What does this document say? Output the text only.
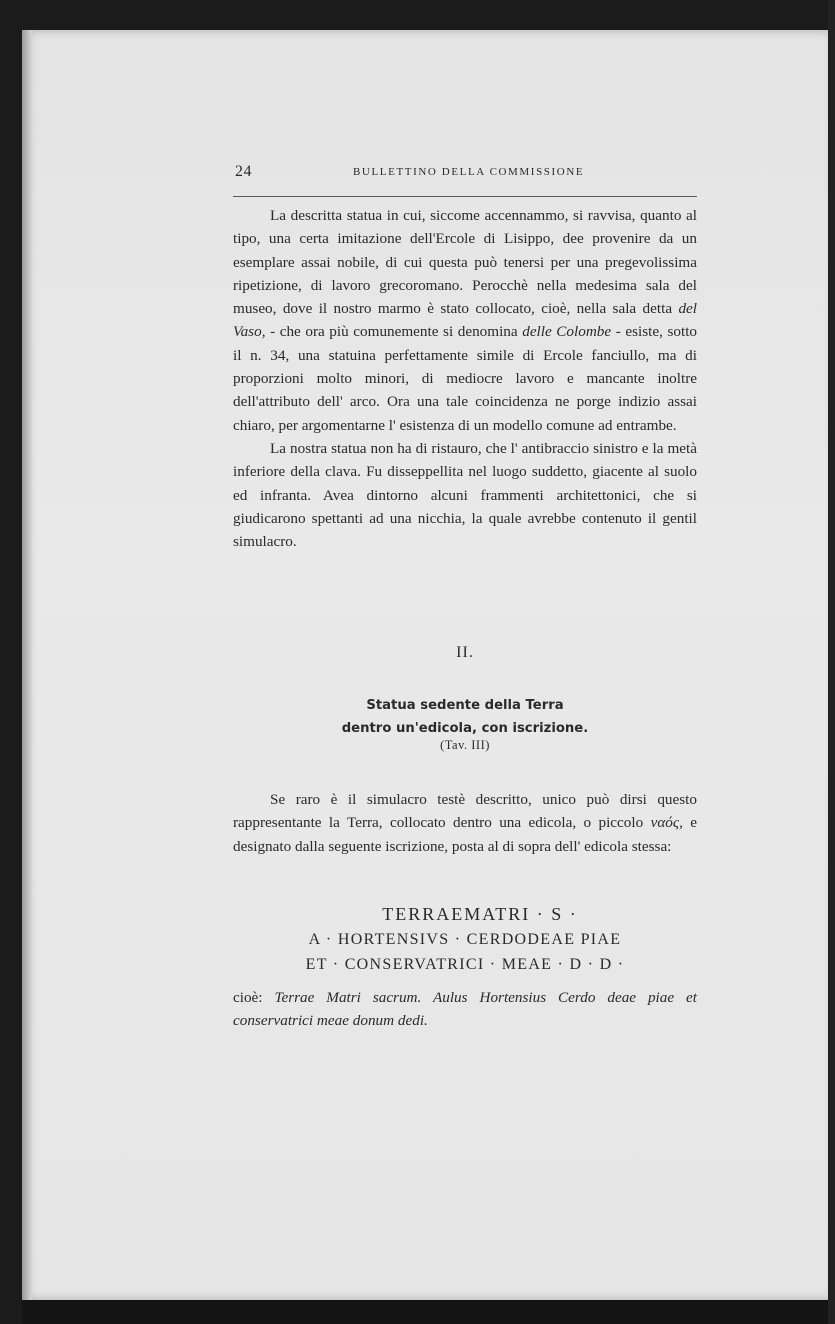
24	BULLETTINO DELLA COMMISSIONE

La descritta statua in cui, siccome accennammo, si ravvisa, quanto al tipo, una certa imitazione dell'Ercole di Lisippo, dee provenire da un esemplare assai nobile, di cui questa può tenersi per una pregevolissima ripetizione, di lavoro grecoromano. Perocchè nella medesima sala del museo, dove il nostro marmo è stato collocato, cioè, nella sala detta del Vaso, - che ora più comunemente si denomina delle Colombe - esiste, sotto il n. 34, una statuina perfettamente simile di Ercole fanciullo, ma di proporzioni molto minori, di mediocre lavoro e mancante inoltre dell'attributo dell' arco. Ora una tale coincidenza ne porge indizio assai chiaro, per argomentarne l' esistenza di un modello comune ad entrambe.

La nostra statua non ha di ristauro, che l' antibraccio sinistro e la metà inferiore della clava. Fu disseppellita nel luogo suddetto, giacente al suolo ed infranta. Avea dintorno alcuni frammenti architettonici, che si giudicarono spettanti ad una nicchia, la quale avrebbe contenuto il gentil simulacro.

II.
Statua sedente della Terra
dentro un'edicola, con iscrizione.
(Tav. III)

Se raro è il simulacro testè descritto, unico può dirsi questo rappresentante la Terra, collocato dentro una edicola, o piccolo ναός, e designato dalla seguente iscrizione, posta al di sopra dell' edicola stessa:

TERRAEMATRI · S ·
A · HORTENSIVS · CERDODEAE PIAE
ET · CONSERVATRICI · MEAE · D · D ·
cioè: Terrae Matri sacrum. Aulus Hortensius Cerdo deae piae et conservatrici meae donum dedi.
